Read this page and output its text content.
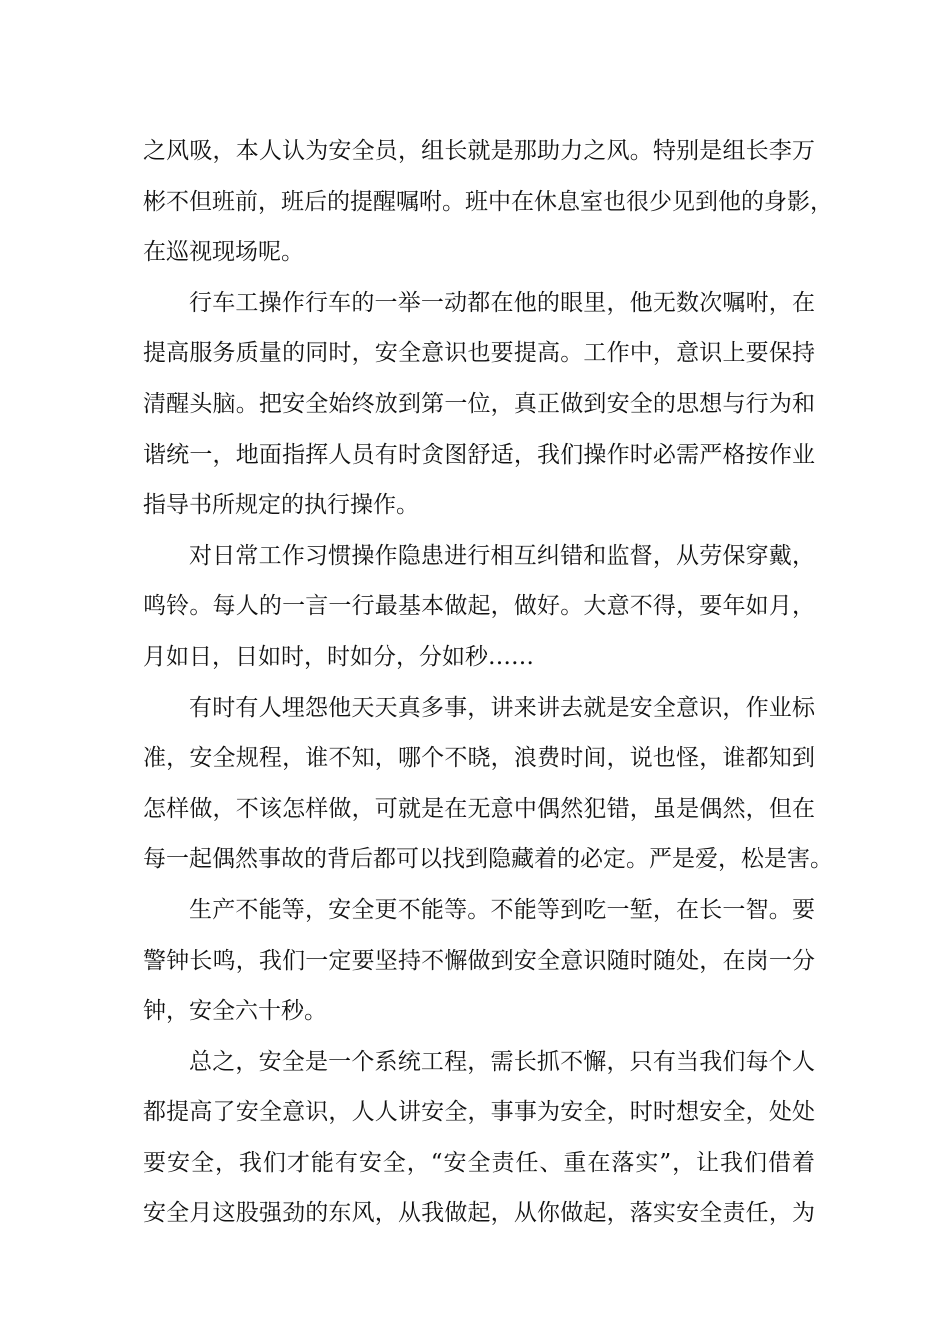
之风吸，本人认为安全员，组长就是那助力之风。特别是组长李万
彬不但班前，班后的提醒嘱咐。班中在休息室也很少见到他的身影，
在巡视现场呢。
行车工操作行车的一举一动都在他的眼里，他无数次嘱咐，在
提高服务质量的同时，安全意识也要提高。工作中，意识上要保持
清醒头脑。把安全始终放到第一位，真正做到安全的思想与行为和
谐统一，地面指挥人员有时贪图舒适，我们操作时必需严格按作业
指导书所规定的执行操作。
对日常工作习惯操作隐患进行相互纠错和监督，从劳保穿戴，
鸣铃。每人的一言一行最基本做起，做好。大意不得，要年如月，
月如日，日如时，时如分，分如秒……
有时有人埋怨他天天真多事，讲来讲去就是安全意识，作业标
准，安全规程，谁不知，哪个不晓，浪费时间，说也怪，谁都知到
怎样做，不该怎样做，可就是在无意中偶然犯错，虽是偶然，但在
每一起偶然事故的背后都可以找到隐藏着的必定。严是爱，松是害。
生产不能等，安全更不能等。不能等到吃一堑，在长一智。要
警钟长鸣，我们一定要坚持不懈做到安全意识随时随处，在岗一分
钟，安全六十秒。
总之，安全是一个系统工程，需长抓不懈，只有当我们每个人
都提高了安全意识，人人讲安全，事事为安全，时时想安全，处处
要安全，我们才能有安全，“安全责任、重在落实”，让我们借着
安全月这股强劲的东风，从我做起，从你做起，落实安全责任，为
